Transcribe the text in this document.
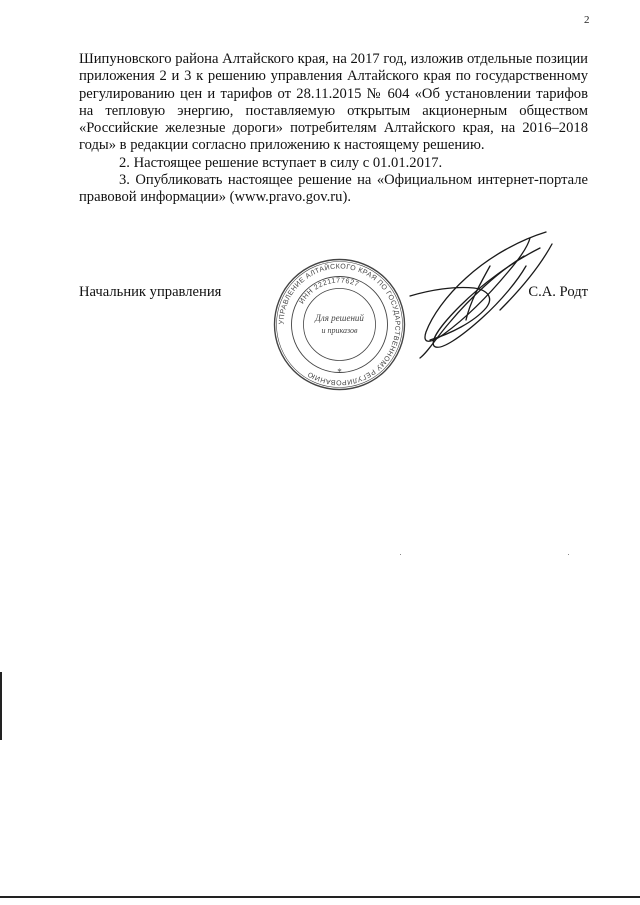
2

Шипуновского района Алтайского края, на 2017 год, изложив отдельные позиции приложения 2 и 3 к решению управления Алтайского края по государственному регулированию цен и тарифов от 28.11.2015 № 604 «Об установлении тарифов на тепловую энергию, поставляемую открытым акционерным обществом «Российские железные дороги» потребителям Алтайского края, на 2016–2018 годы» в редакции согласно приложению к настоящему решению.

2. Настоящее решение вступает в силу с 01.01.2017.

3. Опубликовать настоящее решение на «Официальном интернет-портале правовой информации» (www.pravo.gov.ru).

Начальник управления	С.А. Родт
УПРАВЛЕНИЕ АЛТАЙСКОГО КРАЯ ПО ГОСУДАРСТВЕННОМУ РЕГУЛИРОВАНИЮ
ИНН 2221177627
Для решений
и приказов
*
